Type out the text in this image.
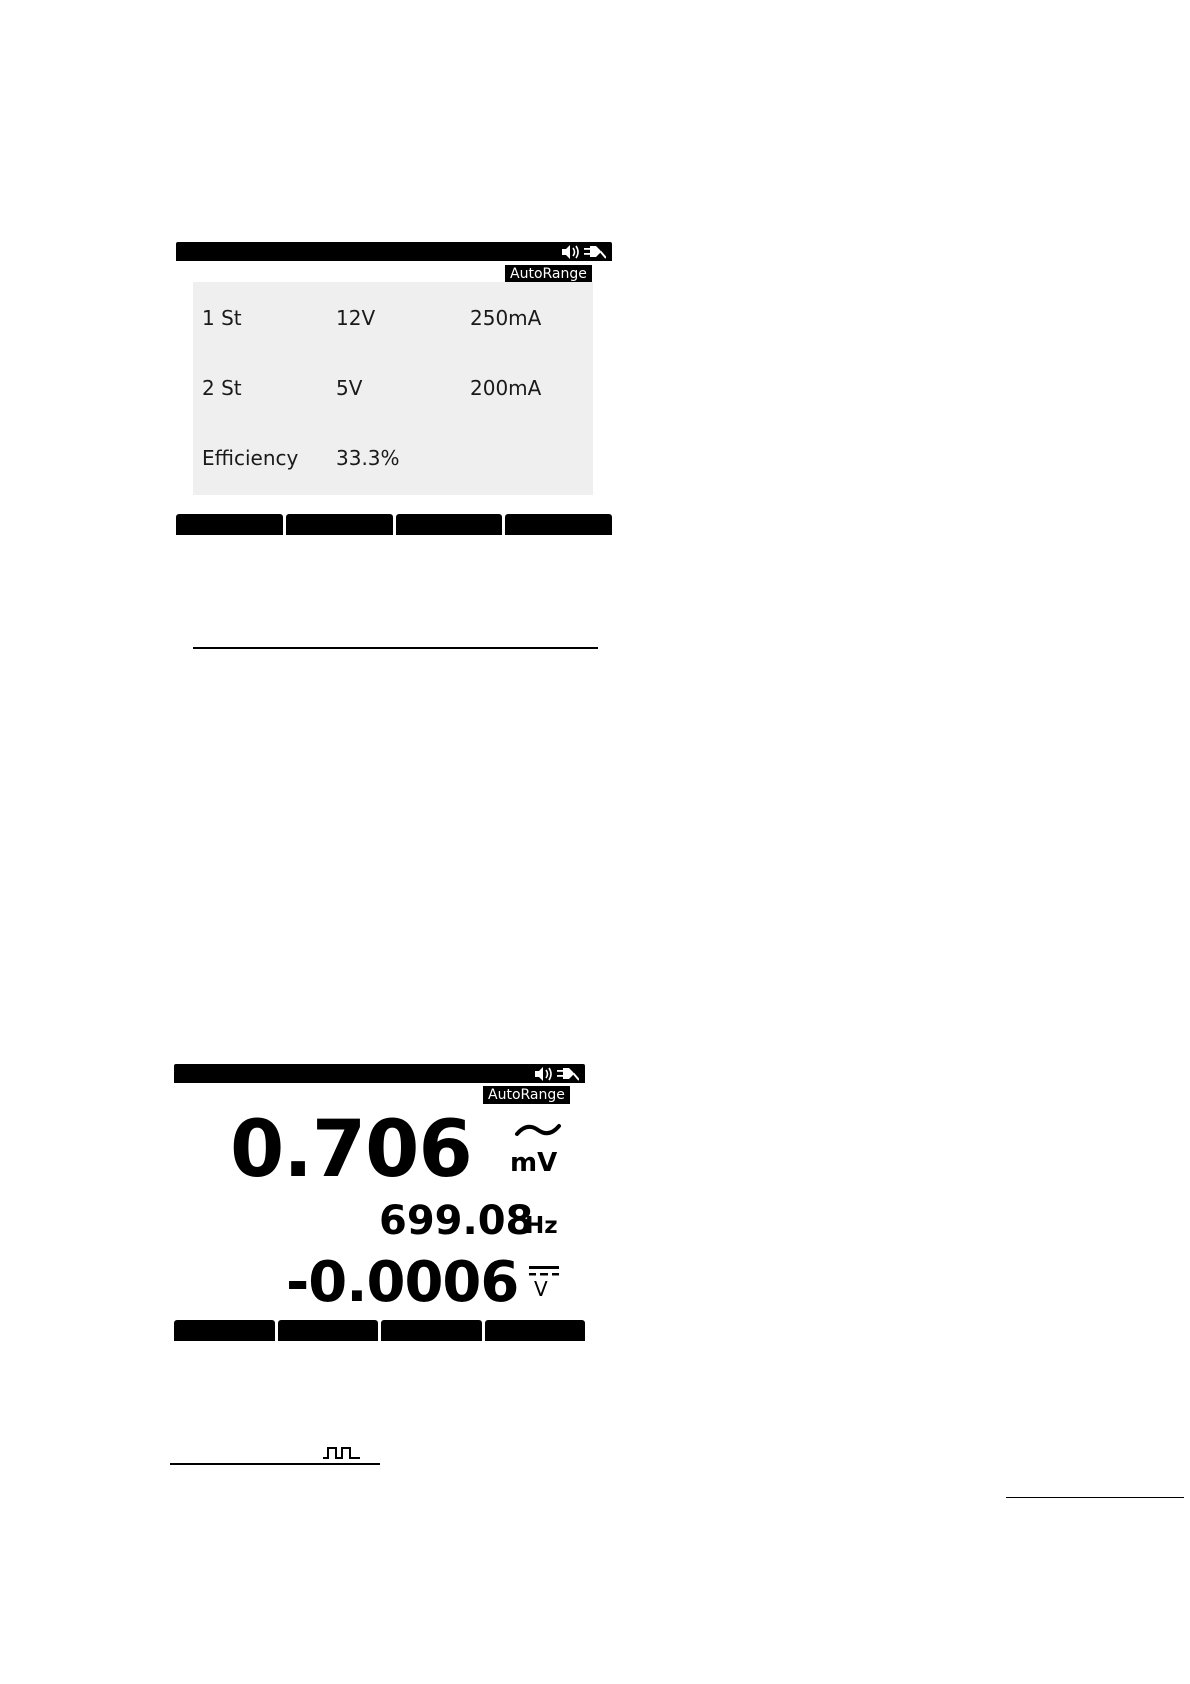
AutoRange
1 St	12V	250mA
2 St	5V	200mA
Efficiency 33.3%
AutoRange
0.706 mV
699.08
Hz
-0.0006 V
